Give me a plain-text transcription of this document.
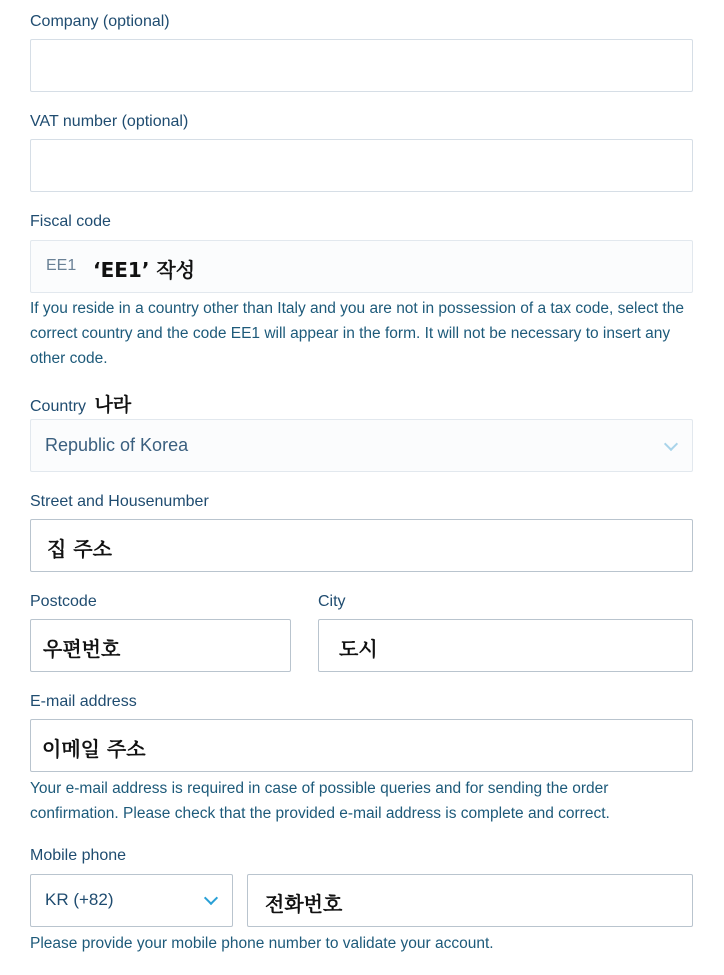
Company (optional)
VAT number (optional)
Fiscal code
EE1 ‘EE1’ 작성
If you reside in a country other than Italy and you are not in possession of a tax code, select the correct country and the code EE1 will appear in the form. It will not be necessary to insert any other code.
Country 나라
Republic of Korea
Street and Housenumber
집 주소
Postcode	City
우편번호	도시
E-mail address
이메일 주소
Your e-mail address is required in case of possible queries and for sending the order confirmation. Please check that the provided e-mail address is complete and correct.
Mobile phone
KR (+82)	전화번호
Please provide your mobile phone number to validate your account.
